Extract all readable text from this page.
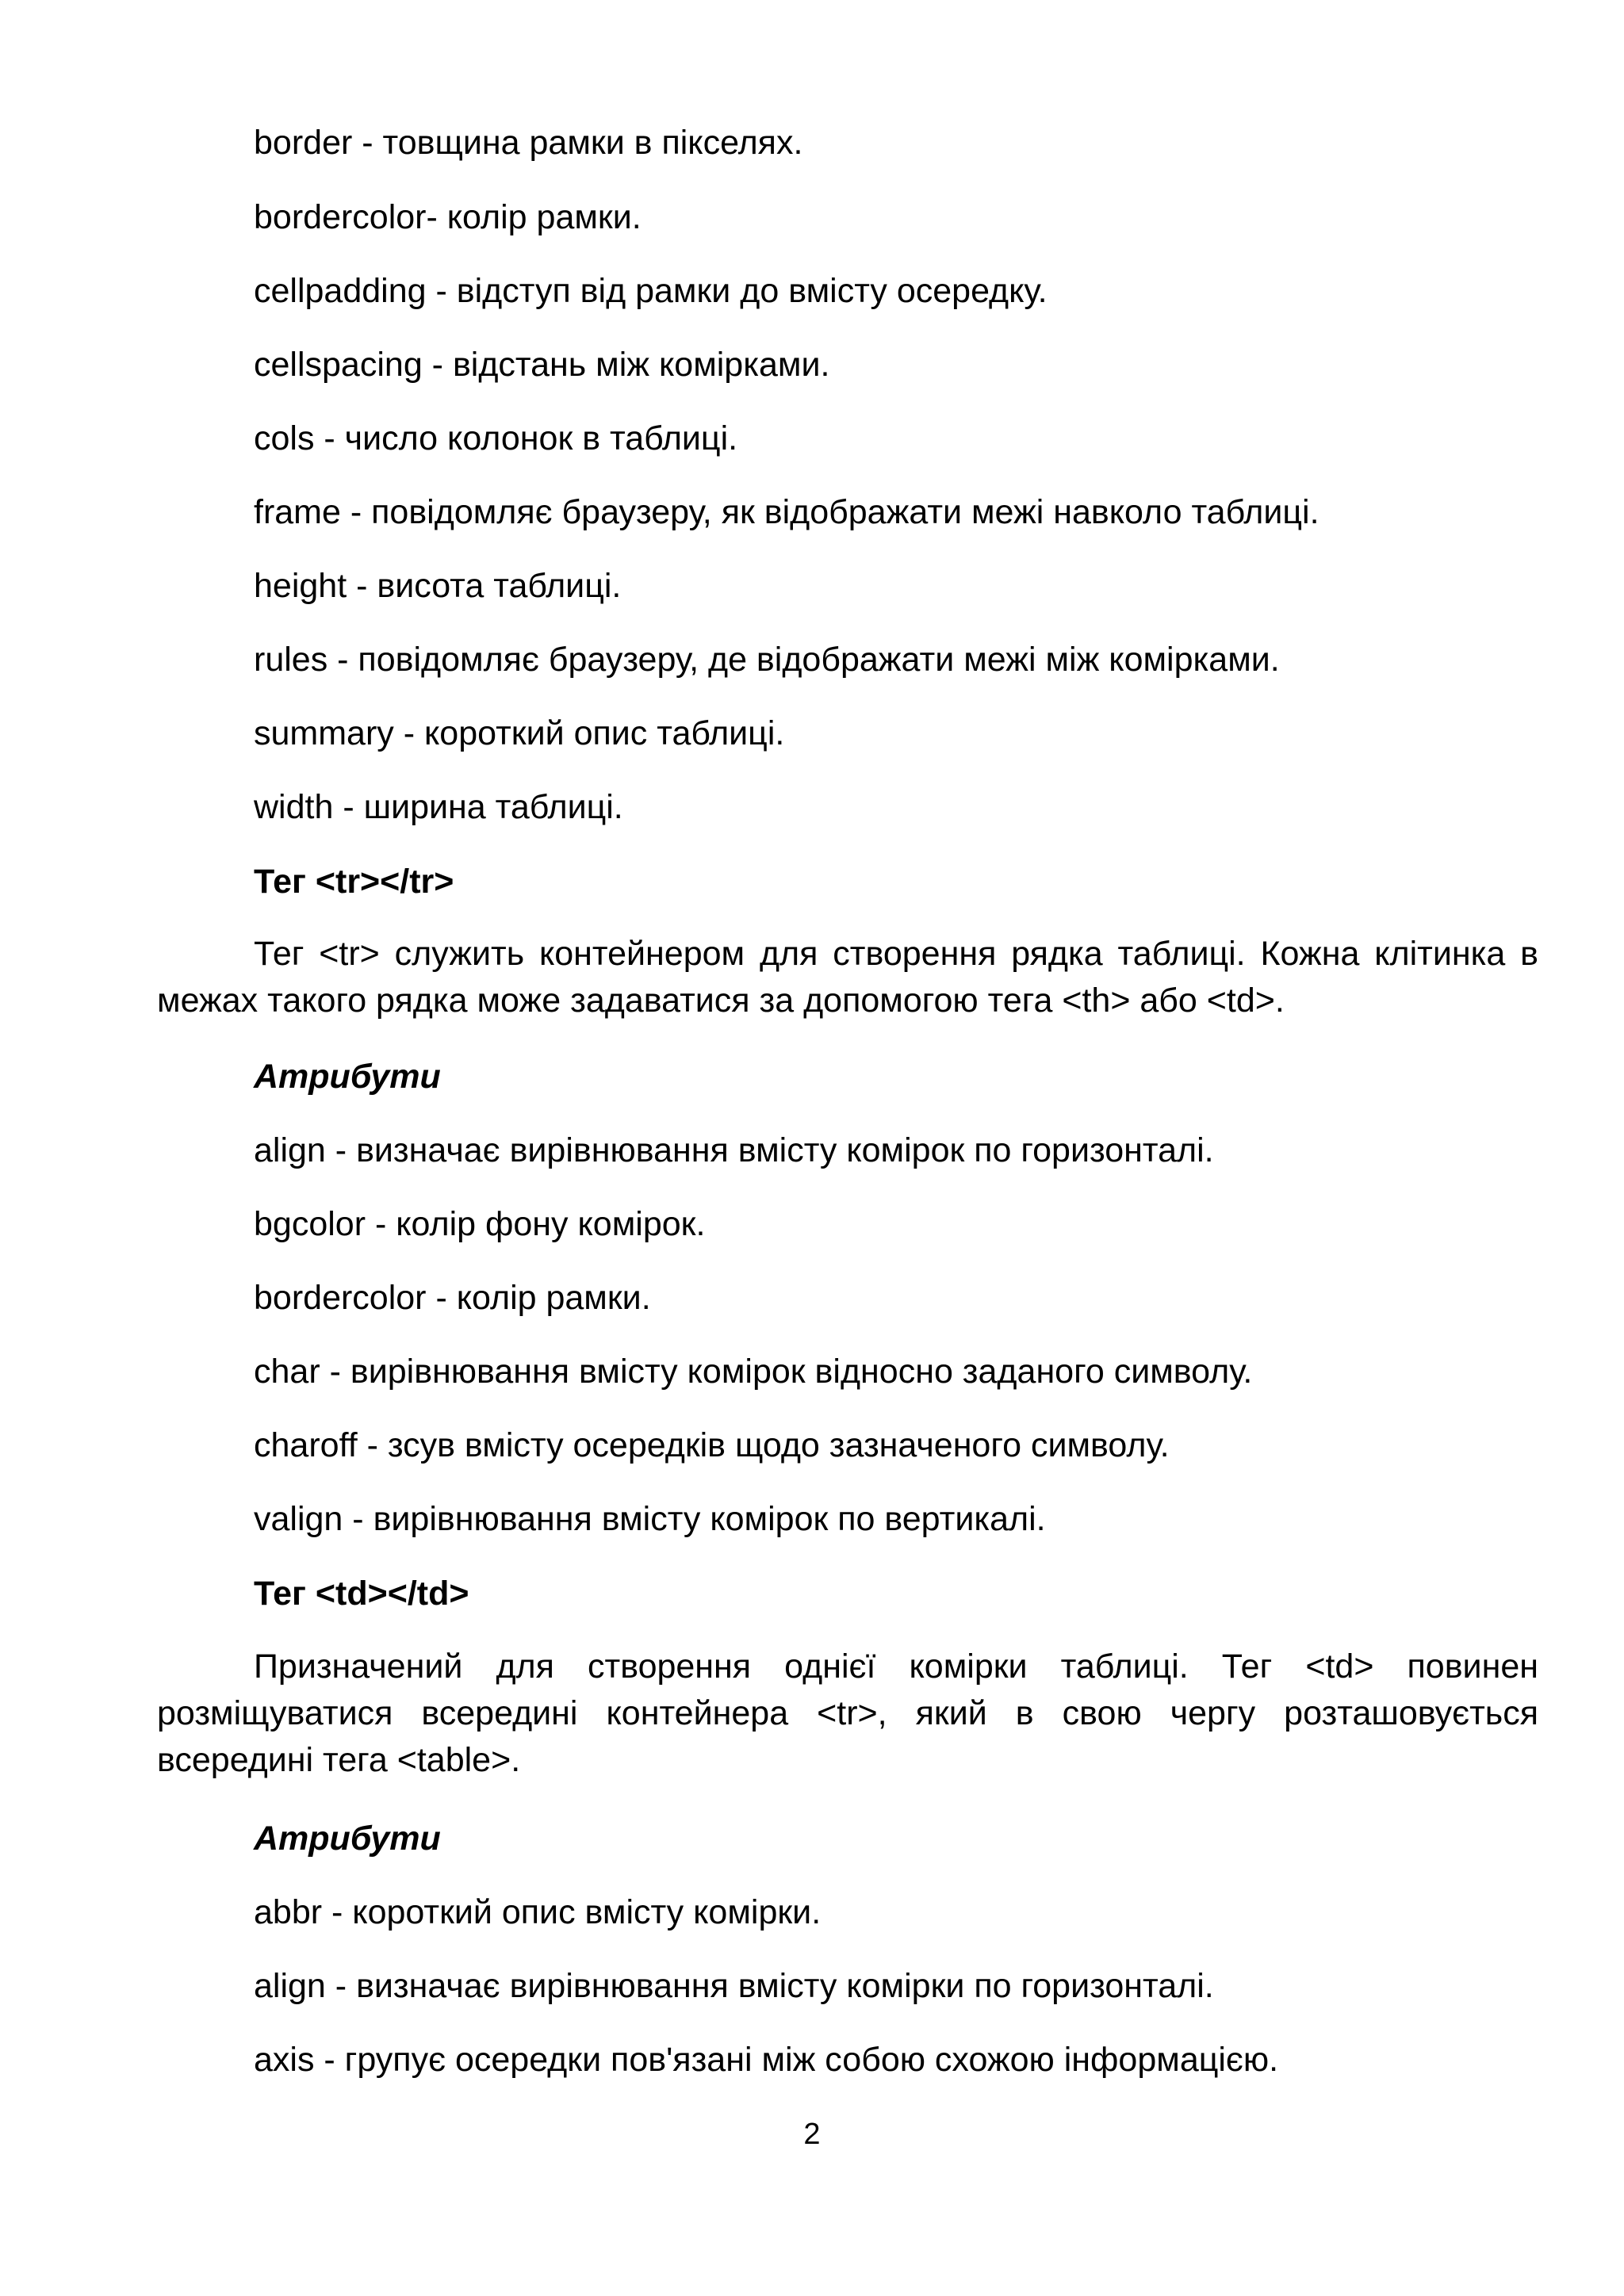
border - товщина рамки в пікселях.

bordercolor- колір рамки.

cellpadding - відступ від рамки до вмісту осередку.

cellspacing - відстань між комірками.

cols - число колонок в таблиці.

frame - повідомляє браузеру, як відображати межі навколо таблиці.

height - висота таблиці.

rules - повідомляє браузеру, де відображати межі між комірками.

summary - короткий опис таблиці.

width - ширина таблиці.

Тег <tr></tr>

Тег <tr> служить контейнером для створення рядка таблиці. Кожна клітинка в межах такого рядка може задаватися за допомогою тега <th> або <td>.

Атрибути

align - визначає вирівнювання вмісту комірок по горизонталі.

bgcolor - колір фону комірок.

bordercolor - колір рамки.

char - вирівнювання вмісту комірок відносно заданого символу.

charoff - зсув вмісту осередків щодо зазначеного символу.

valign - вирівнювання вмісту комірок по вертикалі.

Тег <td></td>

Призначений для створення однієї комірки таблиці. Тег <td> повинен розміщуватися всередині контейнера <tr>, який в свою чергу розташовується всередині тега <table>.

Атрибути

abbr - короткий опис вмісту комірки.

align - визначає вирівнювання вмісту комірки по горизонталі.

axis - групує осередки пов'язані між собою схожою інформацією.

2
